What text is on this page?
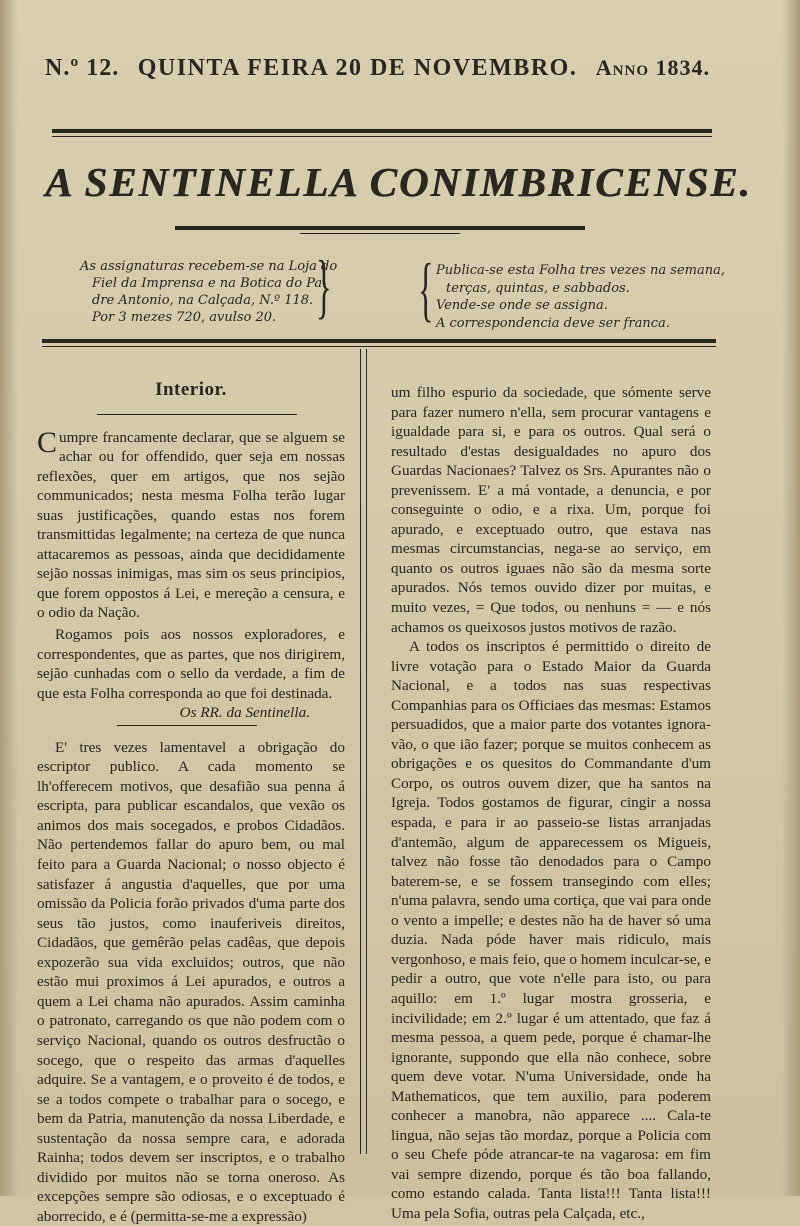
N.º 12. QUINTA FEIRA 20 DE NOVEMBRO. Anno 1834.
A SENTINELLA CONIMBRICENSE.
As assignaturas recebem-se na Loja do
Fiel da Imprensa e na Botica do Pa-
dre Antonio, na Calçada, N.º 118.
Por 3 mezes 720, avulso 20. } { Publica-se esta Folha tres vezes na semana,
terças, quintas, e sabbados.
Vende-se onde se assigna.
A correspondencia deve ser franca.
Interior.

Cumpre francamente declarar, que se alguem se achar ou for offendido, quer seja em nossas reflexões, quer em artigos, que nos sejão communicados; nesta mesma Folha terão lugar suas justificações, quando estas nos forem transmittidas legalmente; na certeza de que nunca attacaremos as pessoas, ainda que decididamente sejão nossas inimigas, mas sim os seus principios, que forem oppostos á Lei, e mereção a censura, e o odio da Nação.

Rogamos pois aos nossos exploradores, e correspondentes, que as partes, que nos dirigirem, sejão cunhadas com o sello da verdade, a fim de que esta Folha corresponda ao que foi destinada.

Os RR. da Sentinella.

E' tres vezes lamentavel a obrigação do escriptor publico. A cada momento se lh'offerecem motivos, que desafião sua penna á escripta, para publicar escandalos, que vexão os animos dos mais socegados, e probos Cidadãos. Não pertendemos fallar do apuro bem, ou mal feito para a Guarda Nacional; o nosso objecto é satisfazer á angustia d'aquelles, que por uma omissão da Policia forão privados d'uma parte dos seus tão justos, como inauferiveis direitos, Cidadãos, que gemêrão pelas cadêas, que depois expozerão sua vida excluidos; outros, que não estão mui proximos á Lei apurados, e outros a quem a Lei chama não apurados. Assim caminha o patronato, carregando os que não podem com o serviço Nacional, quando os outros desfructão o socego, que o respeito das armas d'aquelles adquire. Se a vantagem, e o proveito é de todos, e se a todos compete o trabalhar para o socego, e bem da Patria, manutenção da nossa Liberdade, e sustentação da nossa sempre cara, e adorada Rainha; todos devem ser inscriptos, e o trabalho dividido por muitos não se torna oneroso. As excepções sempre são odiosas, e o exceptuado é aborrecido, e é (permitta-se-me a expressão)

um filho espurio da sociedade, que sómente serve para fazer numero n'ella, sem procurar vantagens e igualdade para si, e para os outros. Qual será o resultado d'estas desigualdades no apuro dos Guardas Nacionaes? Talvez os Srs. Apurantes não o prevenissem. E' a má vontade, a denuncia, e por conseguinte o odio, e a rixa. Um, porque foi apurado, e exceptuado outro, que estava nas mesmas circumstancias, nega-se ao serviço, em quanto os outros iguaes não são da mesma sorte apurados. Nós temos ouvido dizer por muitas, e muito vezes, = Que todos, ou nenhuns = — e nós achamos os queixosos justos motivos de razão.

A todos os inscriptos é permittido o direito de livre votação para o Estado Maior da Guarda Nacional, e a todos nas suas respectivas Companhias para os Officiaes das mesmas: Estamos persuadidos, que a maior parte dos votantes ignora-vão, o que ião fazer; porque se muitos conhecem as obrigações e os quesitos do Commandante d'um Corpo, os outros ouvem dizer, que ha santos na Igreja. Todos gostamos de figurar, cingir a nossa espada, e para ir ao passeio-se listas arranjadas d'antemão, algum de apparecessem os Migueis, talvez não fosse tão denodados para o Campo baterem-se, e se fossem transegindo com elles; n'uma palavra, sendo uma cortiça, que vai para onde o vento a impelle; e destes não ha de haver só uma duzia. Nada póde haver mais ridiculo, mais vergonhoso, e mais feio, que o homem inculcar-se, e pedir a outro, que vote n'elle para isto, ou para aquillo: em 1.º lugar mostra grosseria, e incivilidade; em 2.º lugar é um attentado, que faz á mesma pessoa, a quem pede, porque é chamar-lhe ignorante, suppondo que ella não conhece, sobre quem deve votar. N'uma Universidade, onde ha Mathematicos, que tem auxilio, para poderem conhecer a manobra, não apparece .... Cala-te lingua, não sejas tão mordaz, porque a Policia com o seu Chefe póde atrancar-te na vagarosa: em fim vai sempre dizendo, porque és tão boa fallando, como estando calada. Tanta lista!!! Tanta lista!!! Uma pela Sofia, outras pela Calçada, etc.,
